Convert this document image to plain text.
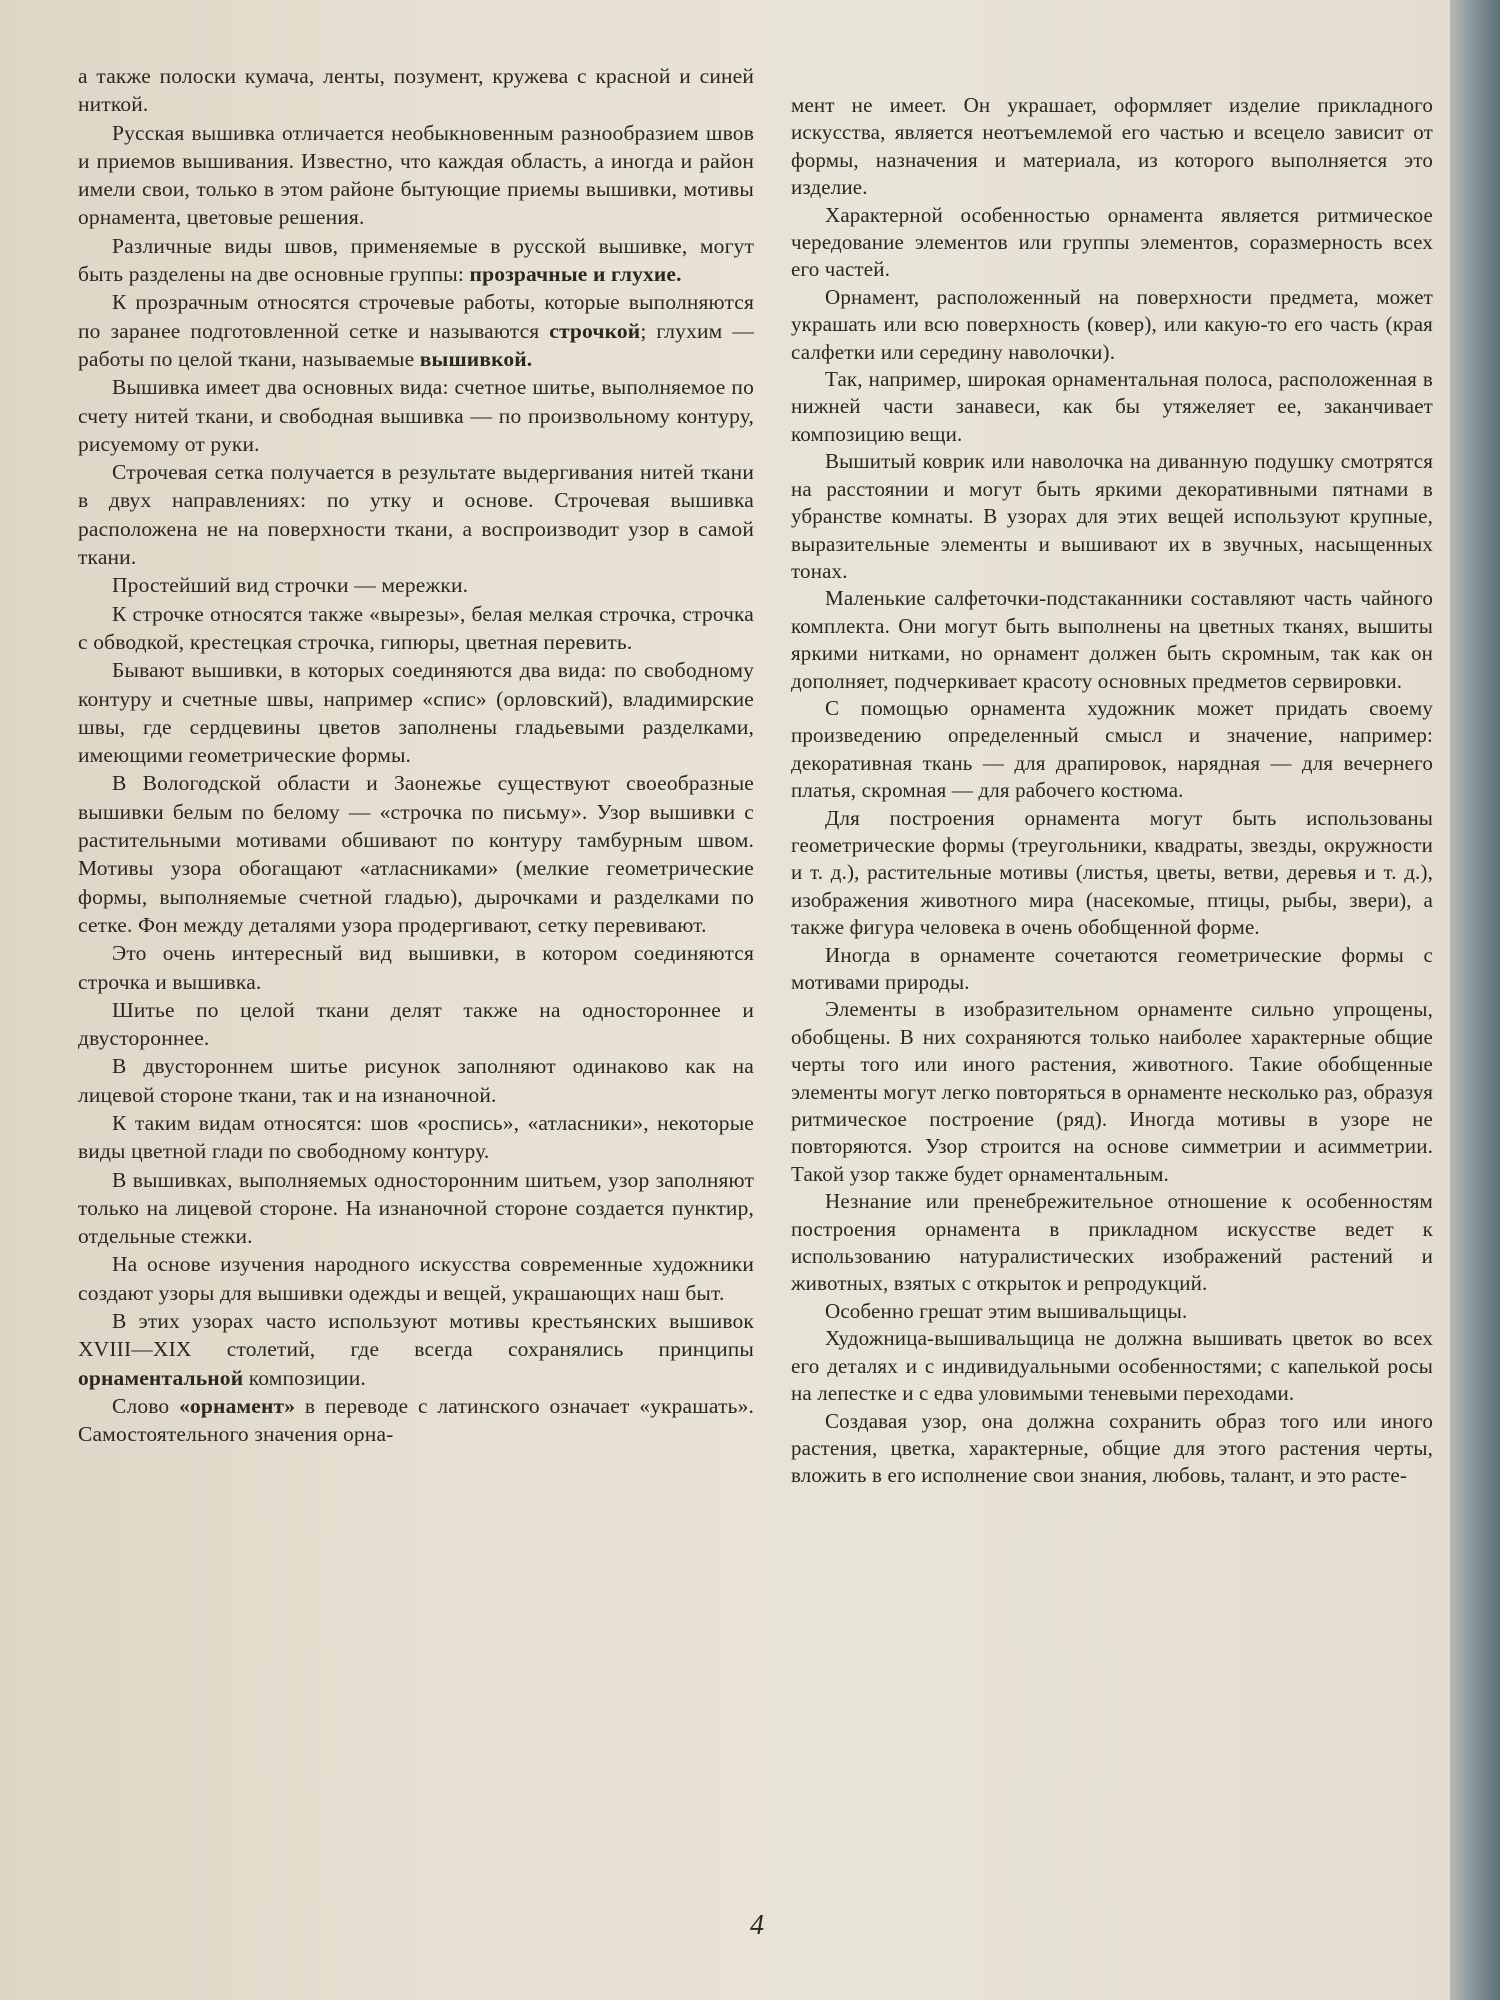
а также полоски кумача, ленты, позумент, кружева с красной и синей ниткой.

Русская вышивка отличается необыкновенным разнообразием швов и приемов вышивания. Известно, что каждая область, а иногда и район имели свои, только в этом районе бытующие приемы вышивки, мотивы орнамента, цветовые решения.

Различные виды швов, применяемые в русской вышивке, могут быть разделены на две основные группы: прозрачные и глухие.

К прозрачным относятся строчевые работы, которые выполняются по заранее подготовленной сетке и называются строчкой; глухим — работы по целой ткани, называемые вышивкой.

Вышивка имеет два основных вида: счетное шитье, выполняемое по счету нитей ткани, и свободная вышивка — по произвольному контуру, рисуемому от руки.

Строчевая сетка получается в результате выдергивания нитей ткани в двух направлениях: по утку и основе. Строчевая вышивка расположена не на поверхности ткани, а воспроизводит узор в самой ткани.

Простейший вид строчки — мережки.

К строчке относятся также «вырезы», белая мелкая строчка, строчка с обводкой, крестецкая строчка, гипюры, цветная перевить.

Бывают вышивки, в которых соединяются два вида: по свободному контуру и счетные швы, например «спис» (орловский), владимирские швы, где сердцевины цветов заполнены гладьевыми разделками, имеющими геометрические формы.

В Вологодской области и Заонежье существуют своеобразные вышивки белым по белому — «строчка по письму». Узор вышивки с растительными мотивами обшивают по контуру тамбурным швом. Мотивы узора обогащают «атласниками» (мелкие геометрические формы, выполняемые счетной гладью), дырочками и разделками по сетке. Фон между деталями узора продергивают, сетку перевивают.

Это очень интересный вид вышивки, в котором соединяются строчка и вышивка.

Шитье по целой ткани делят также на одностороннее и двустороннее.

В двустороннем шитье рисунок заполняют одинаково как на лицевой стороне ткани, так и на изнаночной.

К таким видам относятся: шов «роспись», «атласники», некоторые виды цветной глади по свободному контуру.

В вышивках, выполняемых односторонним шитьем, узор заполняют только на лицевой стороне. На изнаночной стороне создается пунктир, отдельные стежки.

На основе изучения народного искусства современные художники создают узоры для вышивки одежды и вещей, украшающих наш быт.

В этих узорах часто используют мотивы крестьянских вышивок XVIII—XIX столетий, где всегда сохранялись принципы орнаментальной композиции.

Слово «орнамент» в переводе с латинского означает «украшать». Самостоятельного значения орна-

мент не имеет. Он украшает, оформляет изделие прикладного искусства, является неотъемлемой его частью и всецело зависит от формы, назначения и материала, из которого выполняется это изделие.

Характерной особенностью орнамента является ритмическое чередование элементов или группы элементов, соразмерность всех его частей.

Орнамент, расположенный на поверхности предмета, может украшать или всю поверхность (ковер), или какую-то его часть (края салфетки или середину наволочки).

Так, например, широкая орнаментальная полоса, расположенная в нижней части занавеси, как бы утяжеляет ее, заканчивает композицию вещи.

Вышитый коврик или наволочка на диванную подушку смотрятся на расстоянии и могут быть яркими декоративными пятнами в убранстве комнаты. В узорах для этих вещей используют крупные, выразительные элементы и вышивают их в звучных, насыщенных тонах.

Маленькие салфеточки-подстаканники составляют часть чайного комплекта. Они могут быть выполнены на цветных тканях, вышиты яркими нитками, но орнамент должен быть скромным, так как он дополняет, подчеркивает красоту основных предметов сервировки.

С помощью орнамента художник может придать своему произведению определенный смысл и значение, например: декоративная ткань — для драпировок, нарядная — для вечернего платья, скромная — для рабочего костюма.

Для построения орнамента могут быть использованы геометрические формы (треугольники, квадраты, звезды, окружности и т. д.), растительные мотивы (листья, цветы, ветви, деревья и т. д.), изображения животного мира (насекомые, птицы, рыбы, звери), а также фигура человека в очень обобщенной форме.

Иногда в орнаменте сочетаются геометрические формы с мотивами природы.

Элементы в изобразительном орнаменте сильно упрощены, обобщены. В них сохраняются только наиболее характерные общие черты того или иного растения, животного. Такие обобщенные элементы могут легко повторяться в орнаменте несколько раз, образуя ритмическое построение (ряд). Иногда мотивы в узоре не повторяются. Узор строится на основе симметрии и асимметрии. Такой узор также будет орнаментальным.

Незнание или пренебрежительное отношение к особенностям построения орнамента в прикладном искусстве ведет к использованию натуралистических изображений растений и животных, взятых с открыток и репродукций.

Особенно грешат этим вышивальщицы.

Художница-вышивальщица не должна вышивать цветок во всех его деталях и с индивидуальными особенностями; с капелькой росы на лепестке и с едва уловимыми теневыми переходами.

Создавая узор, она должна сохранить образ того или иного растения, цветка, характерные, общие для этого растения черты, вложить в его исполнение свои знания, любовь, талант, и это расте-

4
